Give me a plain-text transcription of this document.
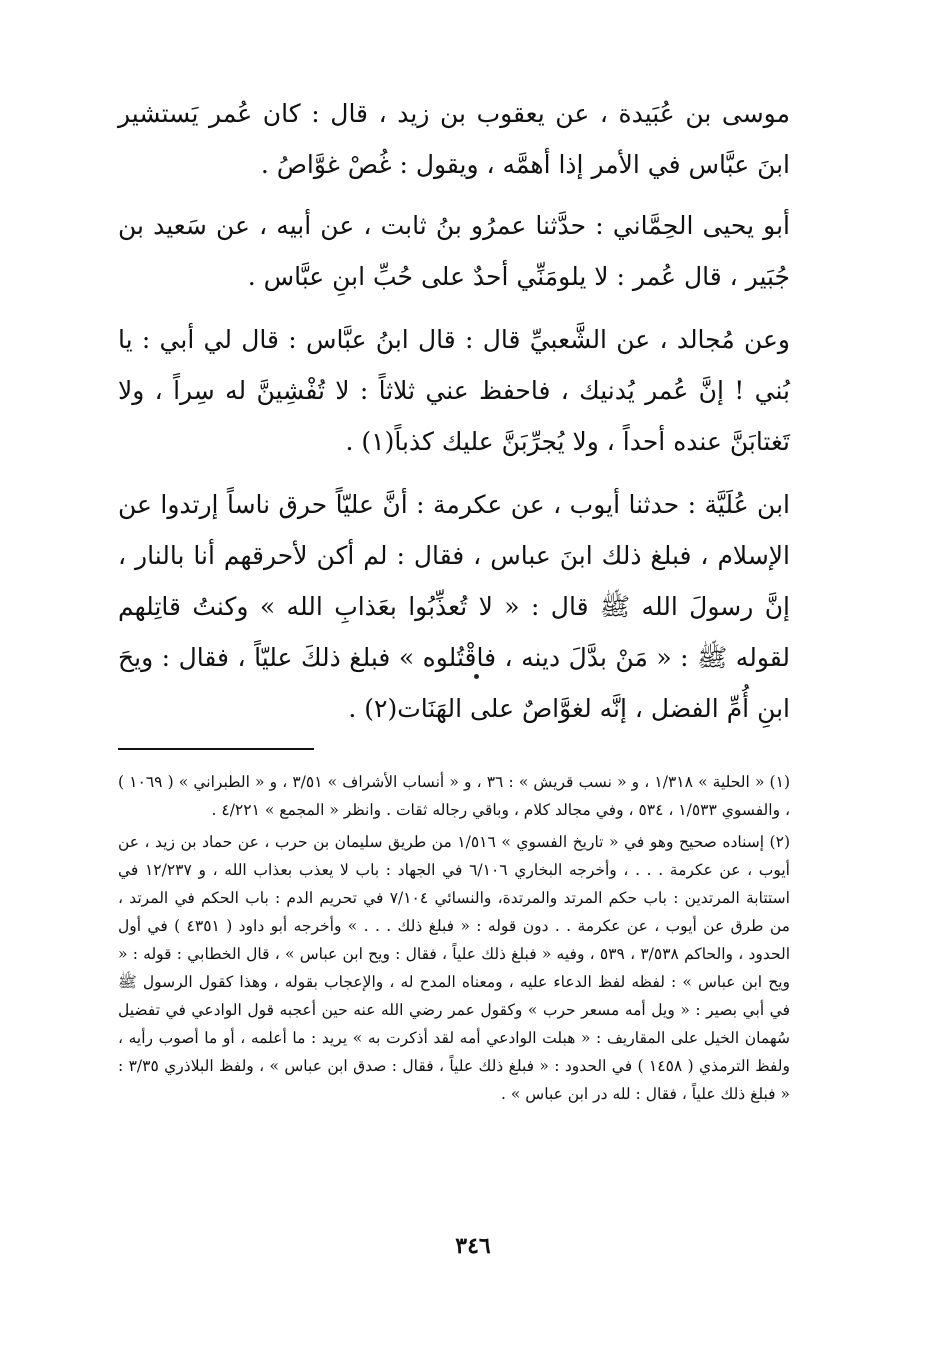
موسى بن عُبَيدة ، عن يعقوب بن زيد ، قال : كان عُمر يَستشير ابنَ عبَّاس في الأمر إذا أهمَّه ، ويقول : غُصْ غوَّاصُ .

أبو يحيى الحِمَّاني : حدَّثنا عمرُو بنُ ثابت ، عن أبيه ، عن سَعيد بن جُبَير ، قال عُمر : لا يلومَنِّي أحدٌ على حُبِّ ابنِ عبَّاس .

وعن مُجالد ، عن الشَّعبيِّ قال : قال ابنُ عبَّاس : قال لي أبي : يا بُني ! إنَّ عُمر يُدنيك ، فاحفظ عني ثلاثاً : لا تُفْشِينَّ له سِراً ، ولا تَغتابَنَّ عنده أحداً ، ولا يُجرِّبَنَّ عليك كذباً(١) .

ابن عُلَيَّة : حدثنا أيوب ، عن عكرمة : أنَّ عليّاً حرق ناساً إرتدوا عن الإسلام ، فبلغ ذلك ابنَ عباس ، فقال : لم أكن لأحرقهم أنا بالنار ، إنَّ رسولَ الله ﷺ قال : « لا تُعذِّبُوا بعَذابِ الله » وكنتُ قاتِلهم لقوله ﷺ : « مَنْ بدَّلَ دينه ، فاقْتُلوه » فبلغ ذلكَ عليّاً ، فقال : ويحَ ابنِ أُمِّ الفضل ، إنَّه لغوَّاصٌ على الهَنَات(٢) .

(١) « الحلية » ١/٣١٨ ، و « نسب قريش » : ٣٦ ، و « أنساب الأشراف » ٣/٥١ ، و « الطبراني » ( ١٠٦٩ ) ، والفسوي ١/٥٣٣ ، ٥٣٤ ، وفي مجالد كلام ، وباقي رجاله ثقات . وانظر « المجمع » ٤/٢٢١ .

(٢) إسناده صحيح وهو في « تاريخ الفسوي » ١/٥١٦ من طريق سليمان بن حرب ، عن حماد بن زيد ، عن أيوب ، عن عكرمة . . . ، وأخرجه البخاري ٦/١٠٦ في الجهاد : باب لا يعذب بعذاب الله ، و ١٢/٢٣٧ في استتابة المرتدين : باب حكم المرتد والمرتدة، والنسائي ٧/١٠٤ في تحريم الدم : باب الحكم في المرتد ، من طرق عن أيوب ، عن عكرمة . . دون قوله : « فبلغ ذلك . . . » وأخرجه أبو داود ( ٤٣٥١ ) في أول الحدود ، والحاكم ٣/٥٣٨ ، ٥٣٩ ، وفيه « فبلغ ذلك علياً ، فقال : ويح ابن عباس » ، قال الخطابي : قوله : « ويح ابن عباس » : لفظه لفظ الدعاء عليه ، ومعناه المدح له ، والإعجاب بقوله ، وهذا كقول الرسول ﷺ في أبي بصير : « ويل أمه مسعر حرب » وكقول عمر رضي الله عنه حين أعجبه قول الوادعي في تفضيل سُهمان الخيل على المقاريف : « هبلت الوادعي أمه لقد أذكرت به » يريد : ما أعلمه ، أو ما أصوب رأيه ، ولفظ الترمذي ( ١٤٥٨ ) في الحدود : « فبلغ ذلك علياً ، فقال : صدق ابن عباس » ، ولفظ البلاذري ٣/٣٥ : « فبلغ ذلك علياً ، فقال : لله در ابن عباس » .

٣٤٦
